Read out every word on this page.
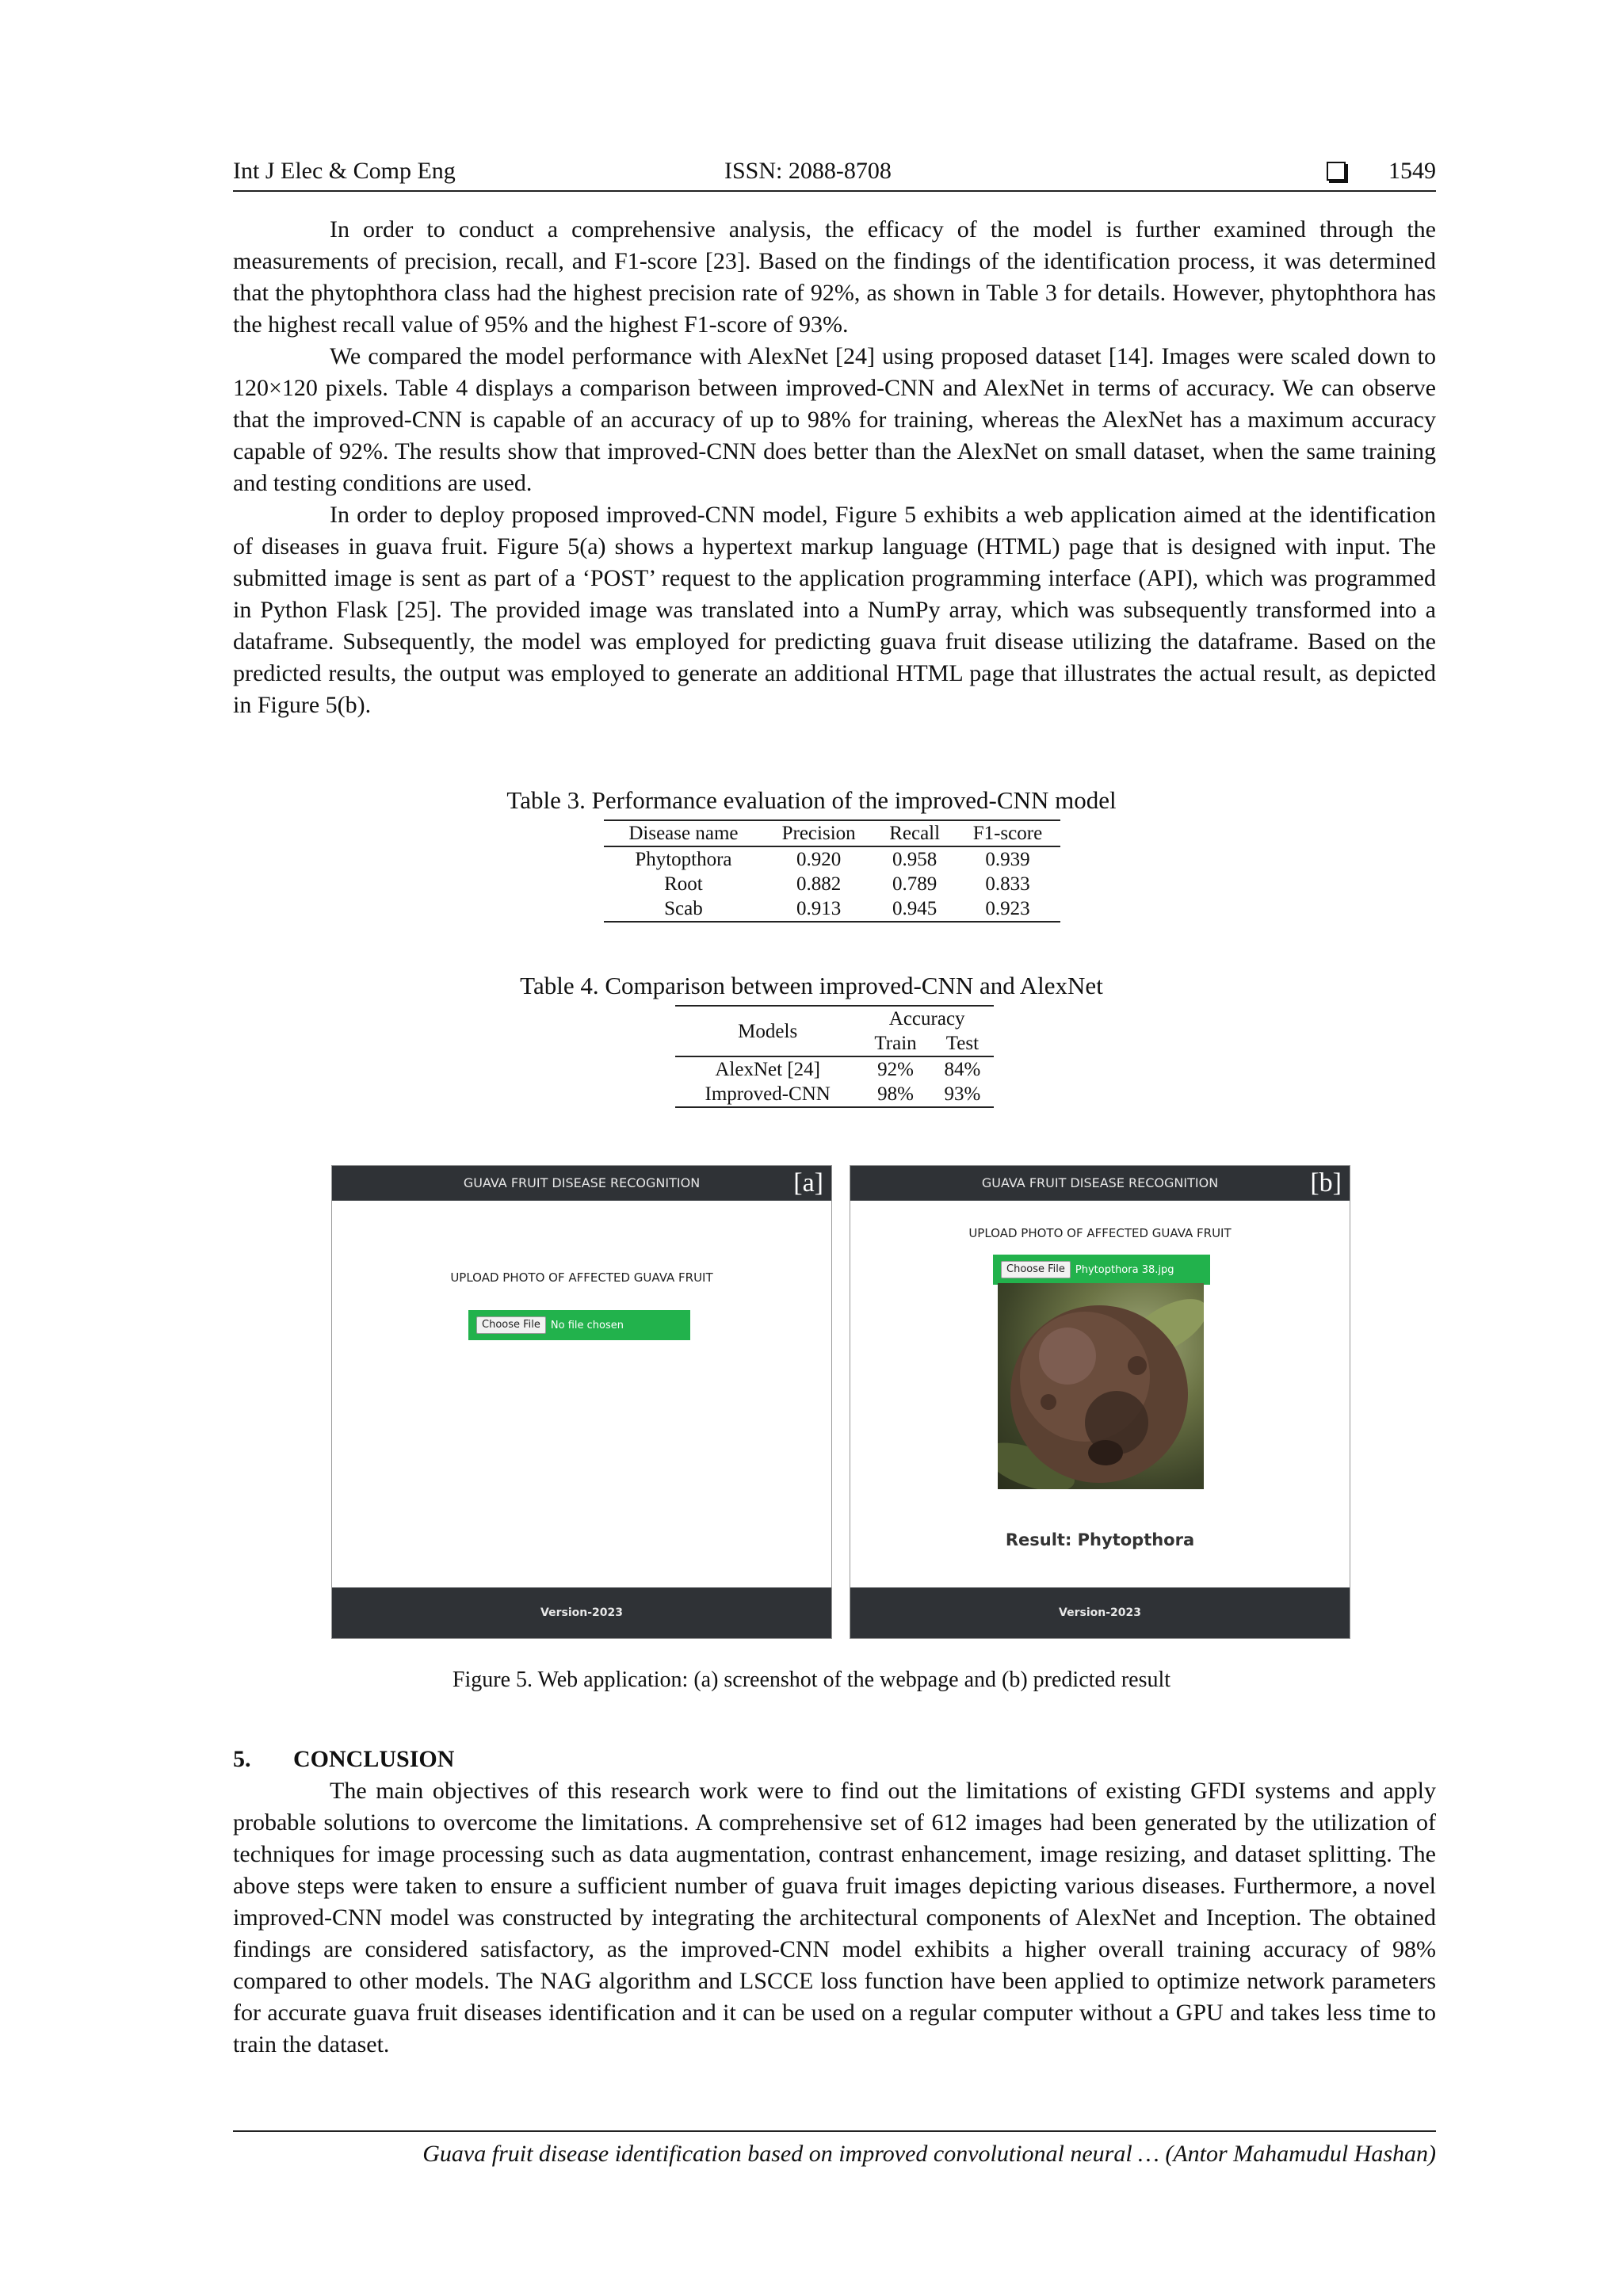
Int J Elec & Comp Eng	ISSN: 2088-8708	1549

In order to conduct a comprehensive analysis, the efficacy of the model is further examined through the measurements of precision, recall, and F1-score [23]. Based on the findings of the identification process, it was determined that the phytophthora class had the highest precision rate of 92%, as shown in Table 3 for details. However, phytophthora has the highest recall value of 95% and the highest F1-score of 93%.

We compared the model performance with AlexNet [24] using proposed dataset [14]. Images were scaled down to 120×120 pixels. Table 4 displays a comparison between improved-CNN and AlexNet in terms of accuracy. We can observe that the improved-CNN is capable of an accuracy of up to 98% for training, whereas the AlexNet has a maximum accuracy capable of 92%. The results show that improved-CNN does better than the AlexNet on small dataset, when the same training and testing conditions are used.

In order to deploy proposed improved-CNN model, Figure 5 exhibits a web application aimed at the identification of diseases in guava fruit. Figure 5(a) shows a hypertext markup language (HTML) page that is designed with input. The submitted image is sent as part of a ‘POST’ request to the application programming interface (API), which was programmed in Python Flask [25]. The provided image was translated into a NumPy array, which was subsequently transformed into a dataframe. Subsequently, the model was employed for predicting guava fruit disease utilizing the dataframe. Based on the predicted results, the output was employed to generate an additional HTML page that illustrates the actual result, as depicted in Figure 5(b).

Table 3. Performance evaluation of the improved-CNN model
Disease name	Precision	Recall	F1-score
Phytopthora	0.920	0.958	0.939
Root	0.882	0.789	0.833
Scab	0.913	0.945	0.923
Table 4. Comparison between improved-CNN and AlexNet
Models	Accuracy	
	Train	Test
AlexNet [24]	92%	84%
Improved-CNN	98%	93%
GUAVA FRUIT DISEASE RECOGNITION	[a]
UPLOAD PHOTO OF AFFECTED GUAVA FRUIT
Choose File	No file chosen
Version-2023
GUAVA FRUIT DISEASE RECOGNITION	[b]
UPLOAD PHOTO OF AFFECTED GUAVA FRUIT
Choose File	Phytopthora 38.jpg
Result: Phytopthora
Version-2023
Figure 5. Web application: (a) screenshot of the webpage and (b) predicted result
5. CONCLUSION

The main objectives of this research work were to find out the limitations of existing GFDI systems and apply probable solutions to overcome the limitations. A comprehensive set of 612 images had been generated by the utilization of techniques for image processing such as data augmentation, contrast enhancement, image resizing, and dataset splitting. The above steps were taken to ensure a sufficient number of guava fruit images depicting various diseases. Furthermore, a novel improved-CNN model was constructed by integrating the architectural components of AlexNet and Inception. The obtained findings are considered satisfactory, as the improved-CNN model exhibits a higher overall training accuracy of 98% compared to other models. The NAG algorithm and LSCCE loss function have been applied to optimize network parameters for accurate guava fruit diseases identification and it can be used on a regular computer without a GPU and takes less time to train the dataset.

Guava fruit disease identification based on improved convolutional neural … (Antor Mahamudul Hashan)
